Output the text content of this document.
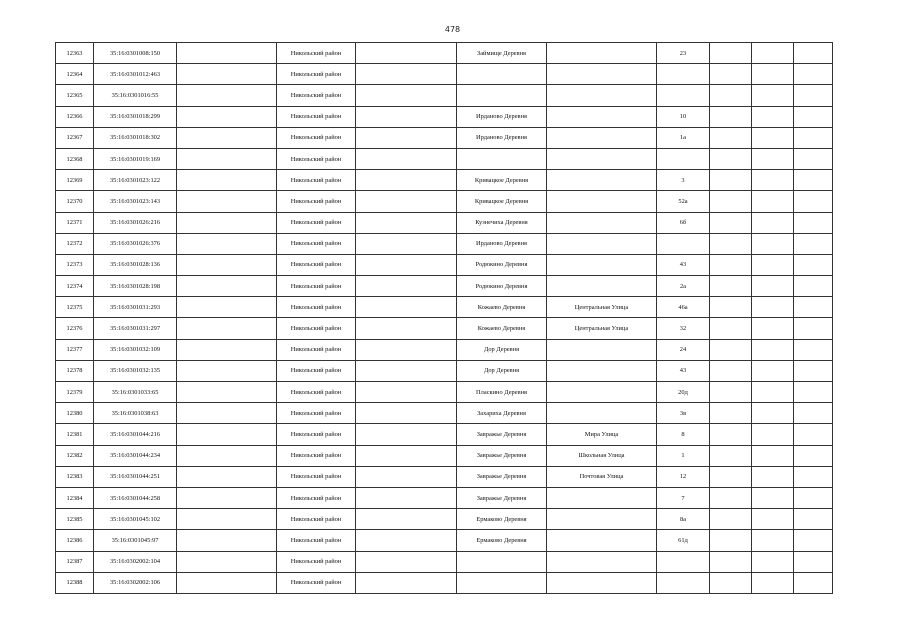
478
12363	35:16:0301008:150		Никольский район		Займище Деревня		23			
12364	35:16:0301012:463		Никольский район							
12365	35:16:0301016:55		Никольский район							
12366	35:16:0301018:299		Никольский район		Ирданово Деревня		10			
12367	35:16:0301018:302		Никольский район		Ирданово Деревня		1а			
12368	35:16:0301019:169		Никольский район							
12369	35:16:0301023:122		Никольский район		Кривацкое Деревня		3			
12370	35:16:0301023:143		Никольский район		Кривацкое Деревня		52а			
12371	35:16:0301026:216		Никольский район		Кузнечиха Деревня		6б			
12372	35:16:0301026:376		Никольский район		Ирданово Деревня					
12373	35:16:0301028:136		Никольский район		Родюкино Деревня		43			
12374	35:16:0301028:198		Никольский район		Родюкино Деревня		2а			
12375	35:16:0301031:293		Никольский район		Кожаево Деревня	Центральная Улица	46а			
12376	35:16:0301031:297		Никольский район		Кожаево Деревня	Центральная Улица	32			
12377	35:16:0301032:109		Никольский район		Дор Деревня		24			
12378	35:16:0301032:135		Никольский район		Дор Деревня		43			
12379	35:16:0301033:65		Никольский район		Пласкино Деревня		20д			
12380	35:16:0301038:63		Никольский район		Захариха Деревня		3в			
12381	35:16:0301044:216		Никольский район		Завражье Деревня	Мира Улица	8			
12382	35:16:0301044:234		Никольский район		Завражье Деревня	Школьная Улица	1			
12383	35:16:0301044:251		Никольский район		Завражье Деревня	Почтовая Улица	12			
12384	35:16:0301044:258		Никольский район		Завражье Деревня		7			
12385	35:16:0301045:102		Никольский район		Ермаково Деревня		8а			
12386	35:16:0301045:97		Никольский район		Ермаково Деревня		61д			
12387	35:16:0302002:104		Никольский район							
12388	35:16:0302002:106		Никольский район							
